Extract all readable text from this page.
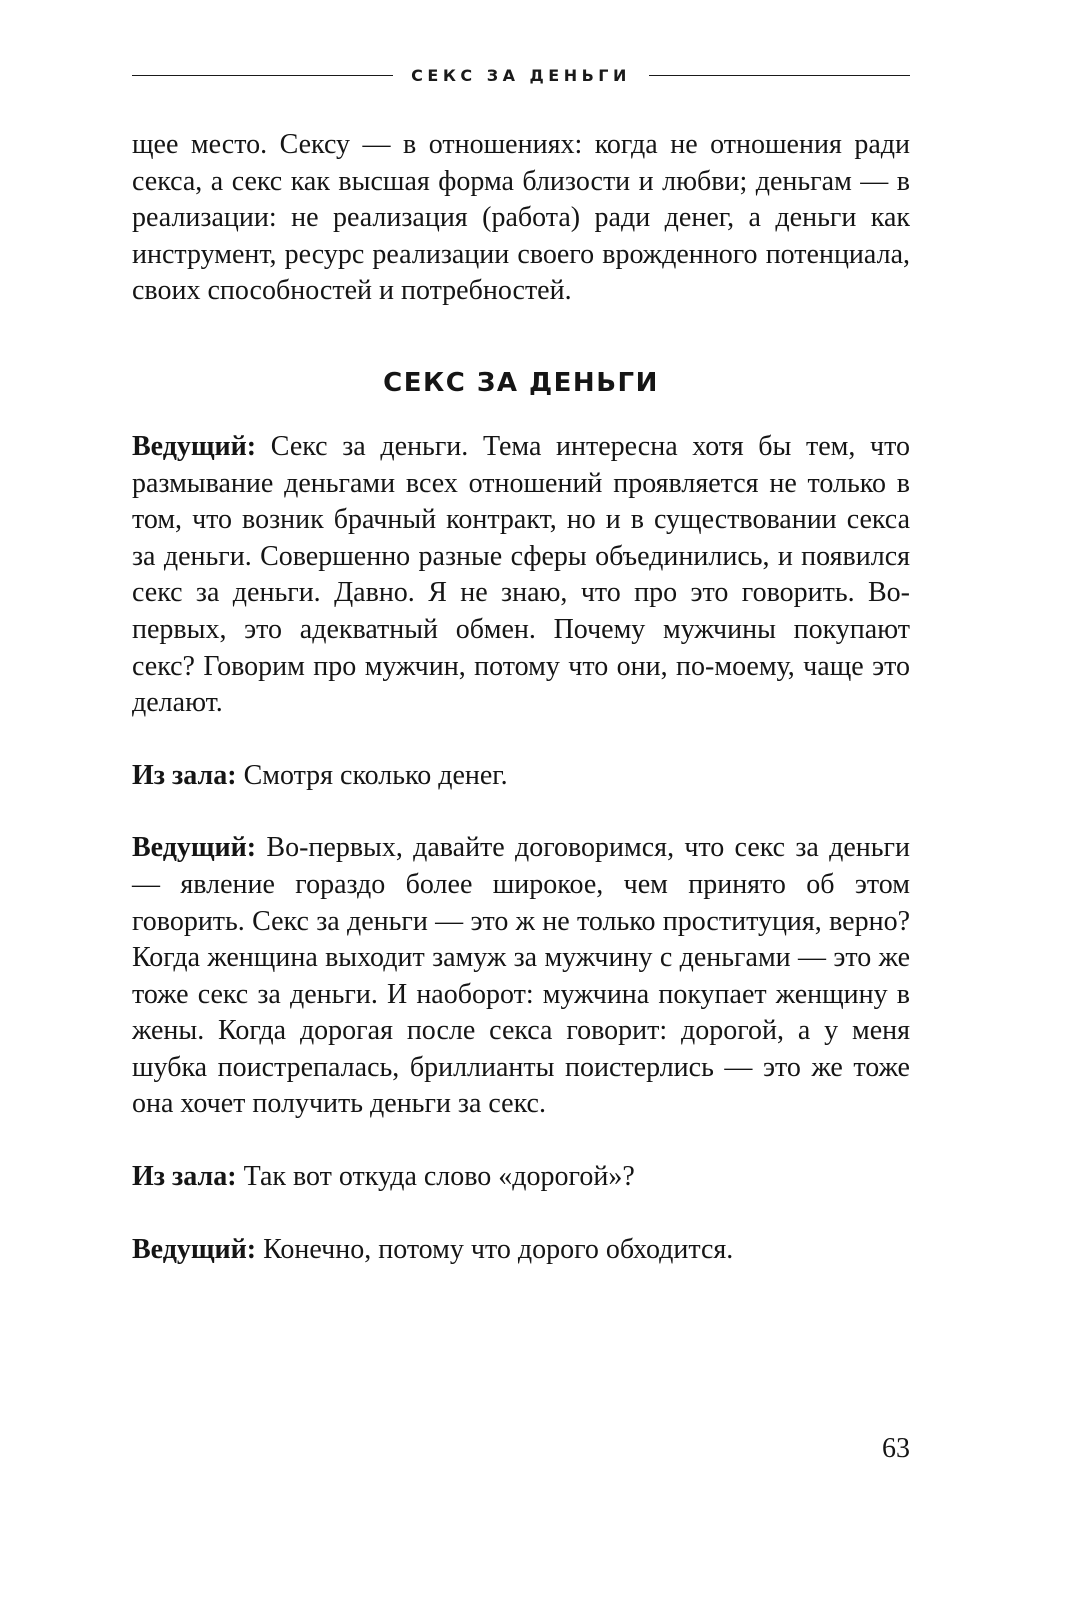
СЕКС ЗА ДЕНЬГИ

щее место. Сексу — в отношениях: когда не отношения ради секса, а секс как высшая форма близости и любви; деньгам — в реализации: не реализация (работа) ради денег, а деньги как инструмент, ресурс реализации своeго врожденного потенциала, своих способностей и потребностей.

СЕКС ЗА ДЕНЬГИ

Ведущий: Секс за деньги. Тема интересна хотя бы тем, что размывание деньгами всех отношений проявляется не только в том, что возник брачный контракт, но и в существовании секса за деньги. Совершенно разные сферы объединились, и появился секс за деньги. Давно. Я не знаю, что про это говорить. Во-первых, это адекватный обмен. Почему мужчины покупают секс? Говорим про мужчин, потому что они, по-моему, чаще это делают.

Из зала: Смотря сколько денег.

Ведущий: Во-первых, давайте договоримся, что секс за деньги — явление гораздо более широкое, чем принято об этом говорить. Секс за деньги — это ж не только проституция, верно? Когда женщина выходит замуж за мужчину с деньгами — это же тоже секс за деньги. И наоборот: мужчина покупает женщину в жены. Когда дорогая после секса говорит: дорогой, а у меня шубка поистрепалась, бриллианты поистерлись — это же тоже она хочет получить деньги за секс.

Из зала: Так вот откуда слово «дорогой»?

Ведущий: Конечно, потому что дорого обходится.

63
